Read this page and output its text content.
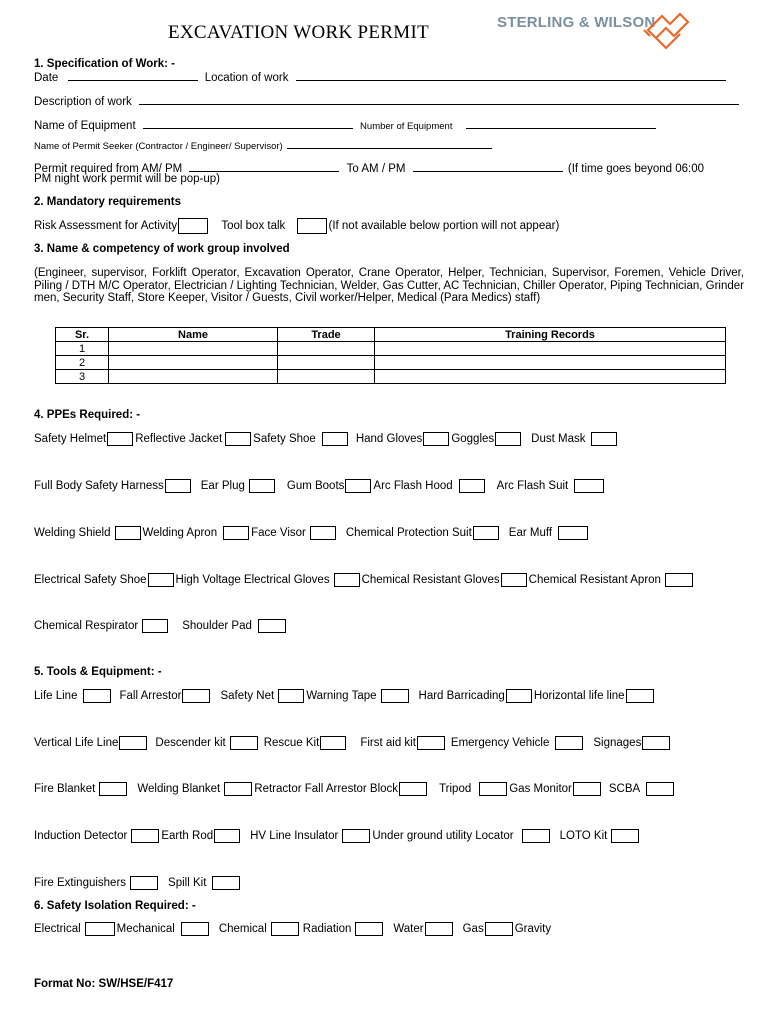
EXCAVATION WORK PERMIT	STERLING & WILSON
1. Specification of Work: -
Date	Location of work
Description of work
Name of Equipment	Number of Equipment
Name of Permit Seeker (Contractor / Engineer/ Supervisor)
Permit required from AM/ PM	To AM / PM	(If time goes beyond 06:00
PM night work permit will be pop-up)
2. Mandatory requirements
Risk Assessment for Activity	Tool box talk	(If not available below portion will not appear)
3. Name & competency of work group involved
(Engineer, supervisor, Forklift Operator, Excavation Operator, Crane Operator, Helper, Technician, Supervisor, Foremen, Vehicle Driver, Piling / DTH M/C Operator, Electrician / Lighting Technician, Welder, Gas Cutter, AC Technician, Chiller Operator, Piping Technician, Grinder men, Security Staff, Store Keeper, Visitor / Guests, Civil worker/Helper, Medical (Para Medics) staff)
Sr.	Name	Trade	Training Records
1			
2			
3			
4. PPEs Required: -
Safety Helmet	Reflective Jacket	Safety Shoe	Hand Gloves	Goggles	Dust Mask
Full Body Safety Harness	Ear Plug	Gum Boots	Arc Flash Hood	Arc Flash Suit
Welding Shield	Welding Apron	Face Visor	Chemical Protection Suit	Ear Muff
Electrical Safety Shoe	High Voltage Electrical Gloves	Chemical Resistant Gloves	Chemical Resistant Apron
Chemical Respirator	Shoulder Pad
5. Tools & Equipment: -
Life Line	Fall Arrestor	Safety Net	Warning Tape	Hard Barricading	Horizontal life line
Vertical Life Line	Descender kit	Rescue Kit	First aid kit	Emergency Vehicle	Signages
Fire Blanket	Welding Blanket	Retractor Fall Arrestor Block	Tripod	Gas Monitor	SCBA
Induction Detector	Earth Rod	HV Line Insulator	Under ground utility Locator	LOTO Kit
Fire Extinguishers	Spill Kit
6. Safety Isolation Required: -
Electrical	Mechanical	Chemical	Radiation	Water	Gas	Gravity
Format No: SW/HSE/F417
